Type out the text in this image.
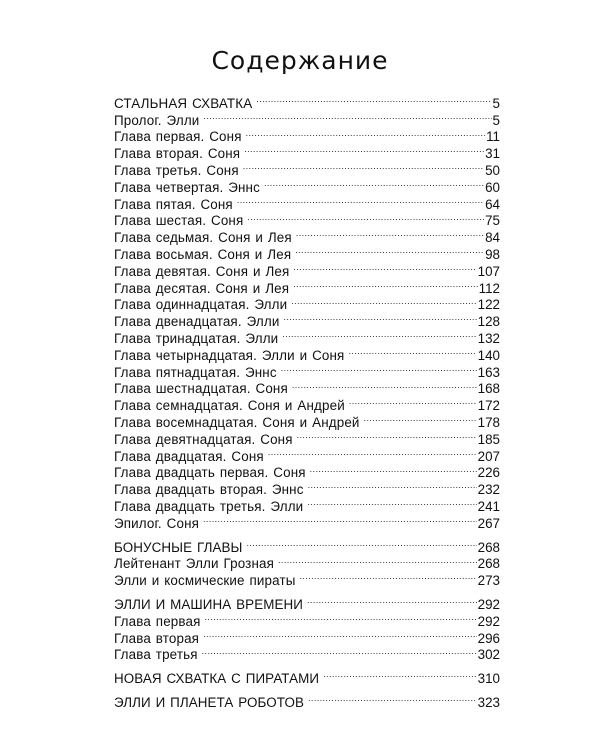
Содержание
СТАЛЬНАЯ СХВАТКА .....	5
Пролог. Элли .....	5
Глава первая. Соня .....	11
Глава вторая. Соня .....	31
Глава третья. Соня .....	50
Глава четвертая. Эннс .....	60
Глава пятая. Соня .....	64
Глава шестая. Соня .....	75
Глава седьмая. Соня и Лея .....	84
Глава восьмая. Соня и Лея .....	98
Глава девятая. Соня и Лея .....	107
Глава десятая. Соня и Лея .....	112
Глава одиннадцатая. Элли .....	122
Глава двенадцатая. Элли .....	128
Глава тринадцатая. Элли .....	132
Глава четырнадцатая. Элли и Соня .....	140
Глава пятнадцатая. Эннс .....	163
Глава шестнадцатая. Соня .....	168
Глава семнадцатая. Соня и Андрей .....	172
Глава восемнадцатая. Соня и Андрей .....	178
Глава девятнадцатая. Соня .....	185
Глава двадцатая. Соня .....	207
Глава двадцать первая. Соня .....	226
Глава двадцать вторая. Эннс .....	232
Глава двадцать третья. Элли .....	241
Эпилог. Соня .....	267
БОНУСНЫЕ ГЛАВЫ .....	268
Лейтенант Элли Грозная .....	268
Элли и космические пираты .....	273
ЭЛЛИ И МАШИНА ВРЕМЕНИ .....	292
Глава первая .....	292
Глава вторая .....	296
Глава третья .....	302
НОВАЯ СХВАТКА С ПИРАТАМИ .....	310
ЭЛЛИ И ПЛАНЕТА РОБОТОВ .....	323
